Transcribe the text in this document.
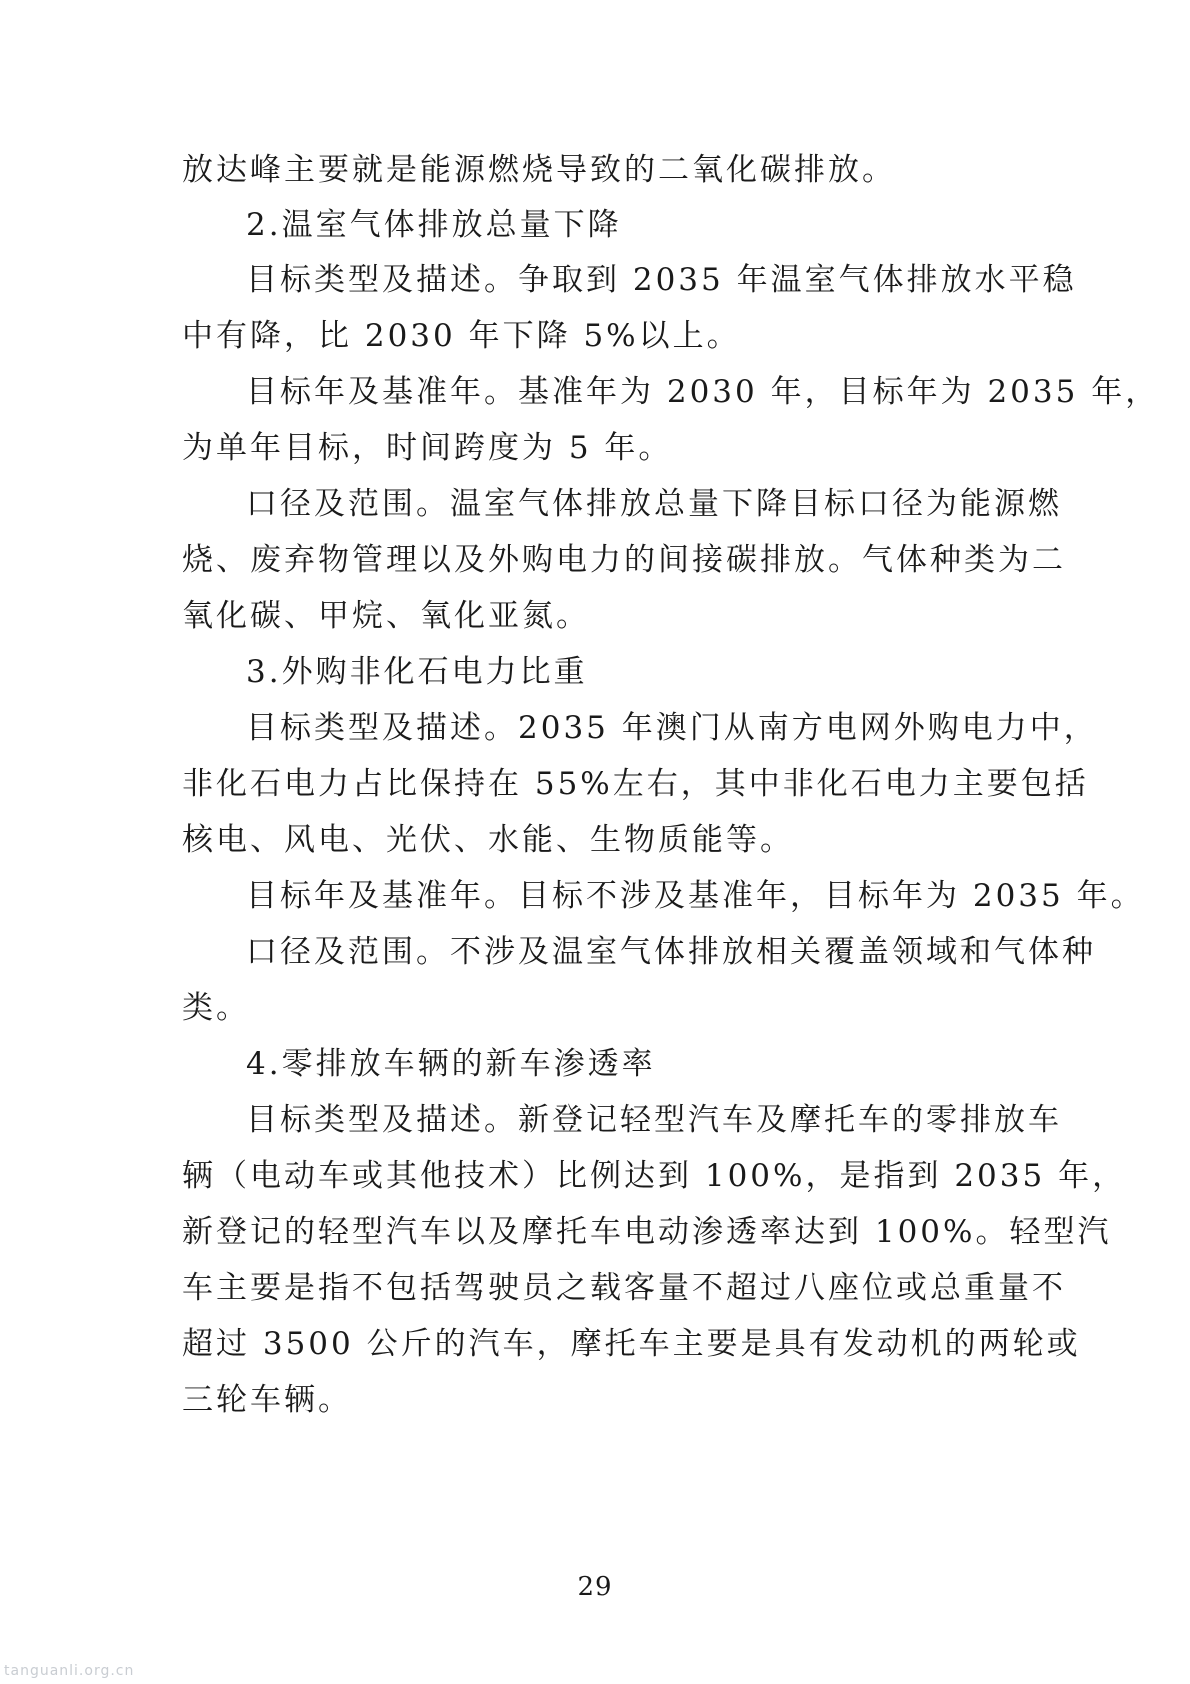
放达峰主要就是能源燃烧导致的二氧化碳排放。
2.温室气体排放总量下降
目标类型及描述。争取到 2035 年温室气体排放水平稳
中有降，比 2030 年下降 5%以上。
目标年及基准年。基准年为 2030 年，目标年为 2035 年，
为单年目标，时间跨度为 5 年。
口径及范围。温室气体排放总量下降目标口径为能源燃
烧、废弃物管理以及外购电力的间接碳排放。气体种类为二
氧化碳、甲烷、氧化亚氮。
3.外购非化石电力比重
目标类型及描述。2035 年澳门从南方电网外购电力中，
非化石电力占比保持在 55%左右，其中非化石电力主要包括
核电、风电、光伏、水能、生物质能等。
目标年及基准年。目标不涉及基准年，目标年为 2035 年。
口径及范围。不涉及温室气体排放相关覆盖领域和气体种
类。
4.零排放车辆的新车渗透率
目标类型及描述。新登记轻型汽车及摩托车的零排放车
辆（电动车或其他技术）比例达到 100%，是指到 2035 年，
新登记的轻型汽车以及摩托车电动渗透率达到 100%。轻型汽
车主要是指不包括驾驶员之载客量不超过八座位或总重量不
超过 3500 公斤的汽车，摩托车主要是具有发动机的两轮或
三轮车辆。
29
tanguanli.org.cn
